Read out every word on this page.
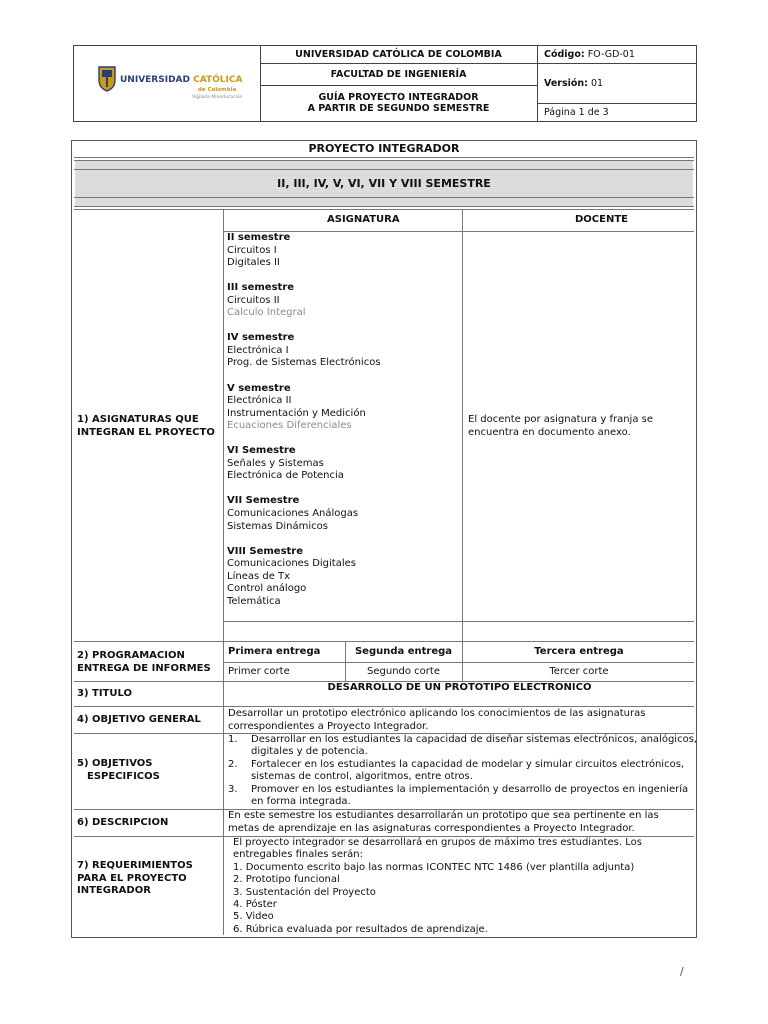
UNIVERSIDAD CATÓLICA
de Colombia
Vigilada Mineducación
UNIVERSIDAD CATÓLICA DE COLOMBIA
FACULTAD DE INGENIERÍA
GUÍA PROYECTO INTEGRADOR
A PARTIR DE SEGUNDO SEMESTRE
Código: FO-GD-01
Versión: 01
Página 1 de 3
PROYECTO INTEGRADOR
II, III, IV, V, VI, VII Y VIII SEMESTRE
ASIGNATURA	DOCENTE
1) ASIGNATURAS QUE
INTEGRAN EL PROYECTO
II semestre
Circuitos I
Digitales II
III semestre
Circuitos II
Calculo Integral
IV semestre
Electrónica I
Prog. de Sistemas Electrónicos
V semestre
Electrónica II
Instrumentación y Medición
Ecuaciones Diferenciales
VI Semestre
Señales y Sistemas
Electrónica de Potencia
VII Semestre
Comunicaciones Análogas
Sistemas Dinámicos
VIII Semestre
Comunicaciones Digitales
Líneas de Tx
Control análogo
Telemática
El docente por asignatura y franja se
encuentra en documento anexo.
2) PROGRAMACION
ENTREGA DE INFORMES
Primera entrega	Segunda entrega	Tercera entrega
Primer corte	Segundo corte	Tercer corte
3) TITULO
DESARROLLO DE UN PROTOTIPO ELECTRONICO
4) OBJETIVO GENERAL
Desarrollar un prototipo electrónico aplicando los conocimientos de las asignaturas
correspondientes a Proyecto Integrador.
5) OBJETIVOS
ESPECIFICOS
1. Desarrollar en los estudiantes la capacidad de diseñar sistemas electrónicos, analógicos,
digitales y de potencia.
2. Fortalecer en los estudiantes la capacidad de modelar y simular circuitos electrónicos,
sistemas de control, algoritmos, entre otros.
3. Promover en los estudiantes la implementación y desarrollo de proyectos en ingeniería
en forma integrada.
6) DESCRIPCION
En este semestre los estudiantes desarrollarán un prototipo que sea pertinente en las
metas de aprendizaje en las asignaturas correspondientes a Proyecto Integrador.
7) REQUERIMIENTOS
PARA EL PROYECTO
INTEGRADOR
El proyecto integrador se desarrollará en grupos de máximo tres estudiantes. Los
entregables finales serán:
1. Documento escrito bajo las normas ICONTEC NTC 1486 (ver plantilla adjunta)
2. Prototipo funcional
3. Sustentación del Proyecto
4. Póster
5. Video
6. Rúbrica evaluada por resultados de aprendizaje.
/
